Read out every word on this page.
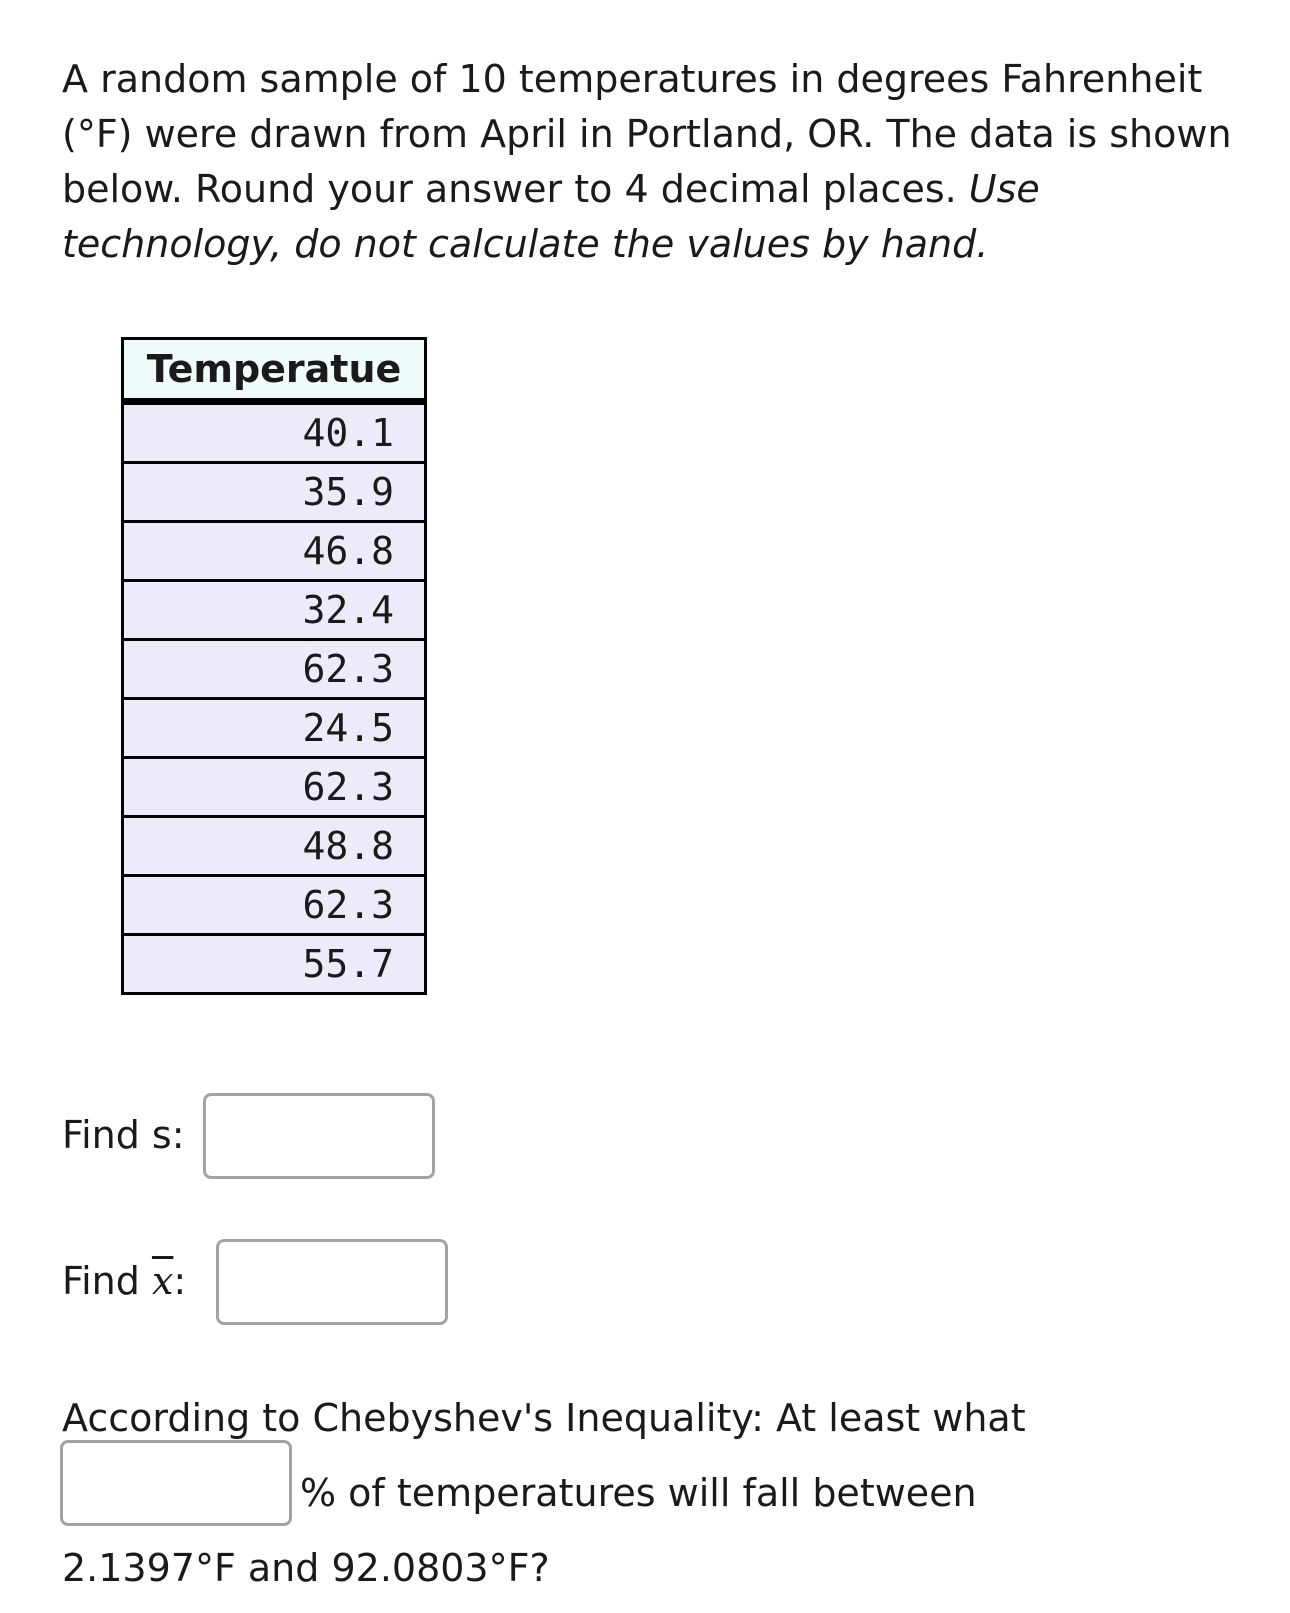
A random sample of 10 temperatures in degrees Fahrenheit (°F) were drawn from April in Portland, OR. The data is shown below. Round your answer to 4 decimal places. Use technology, do not calculate the values by hand.

Temperatue
40.1
35.9
46.8
32.4
62.3
24.5
62.3
48.8
62.3
55.7

Find s:

Find $\overline{x}$:

According to Chebyshev's Inequality: At least what

% of temperatures will fall between

2.1397°F and 92.0803°F?
